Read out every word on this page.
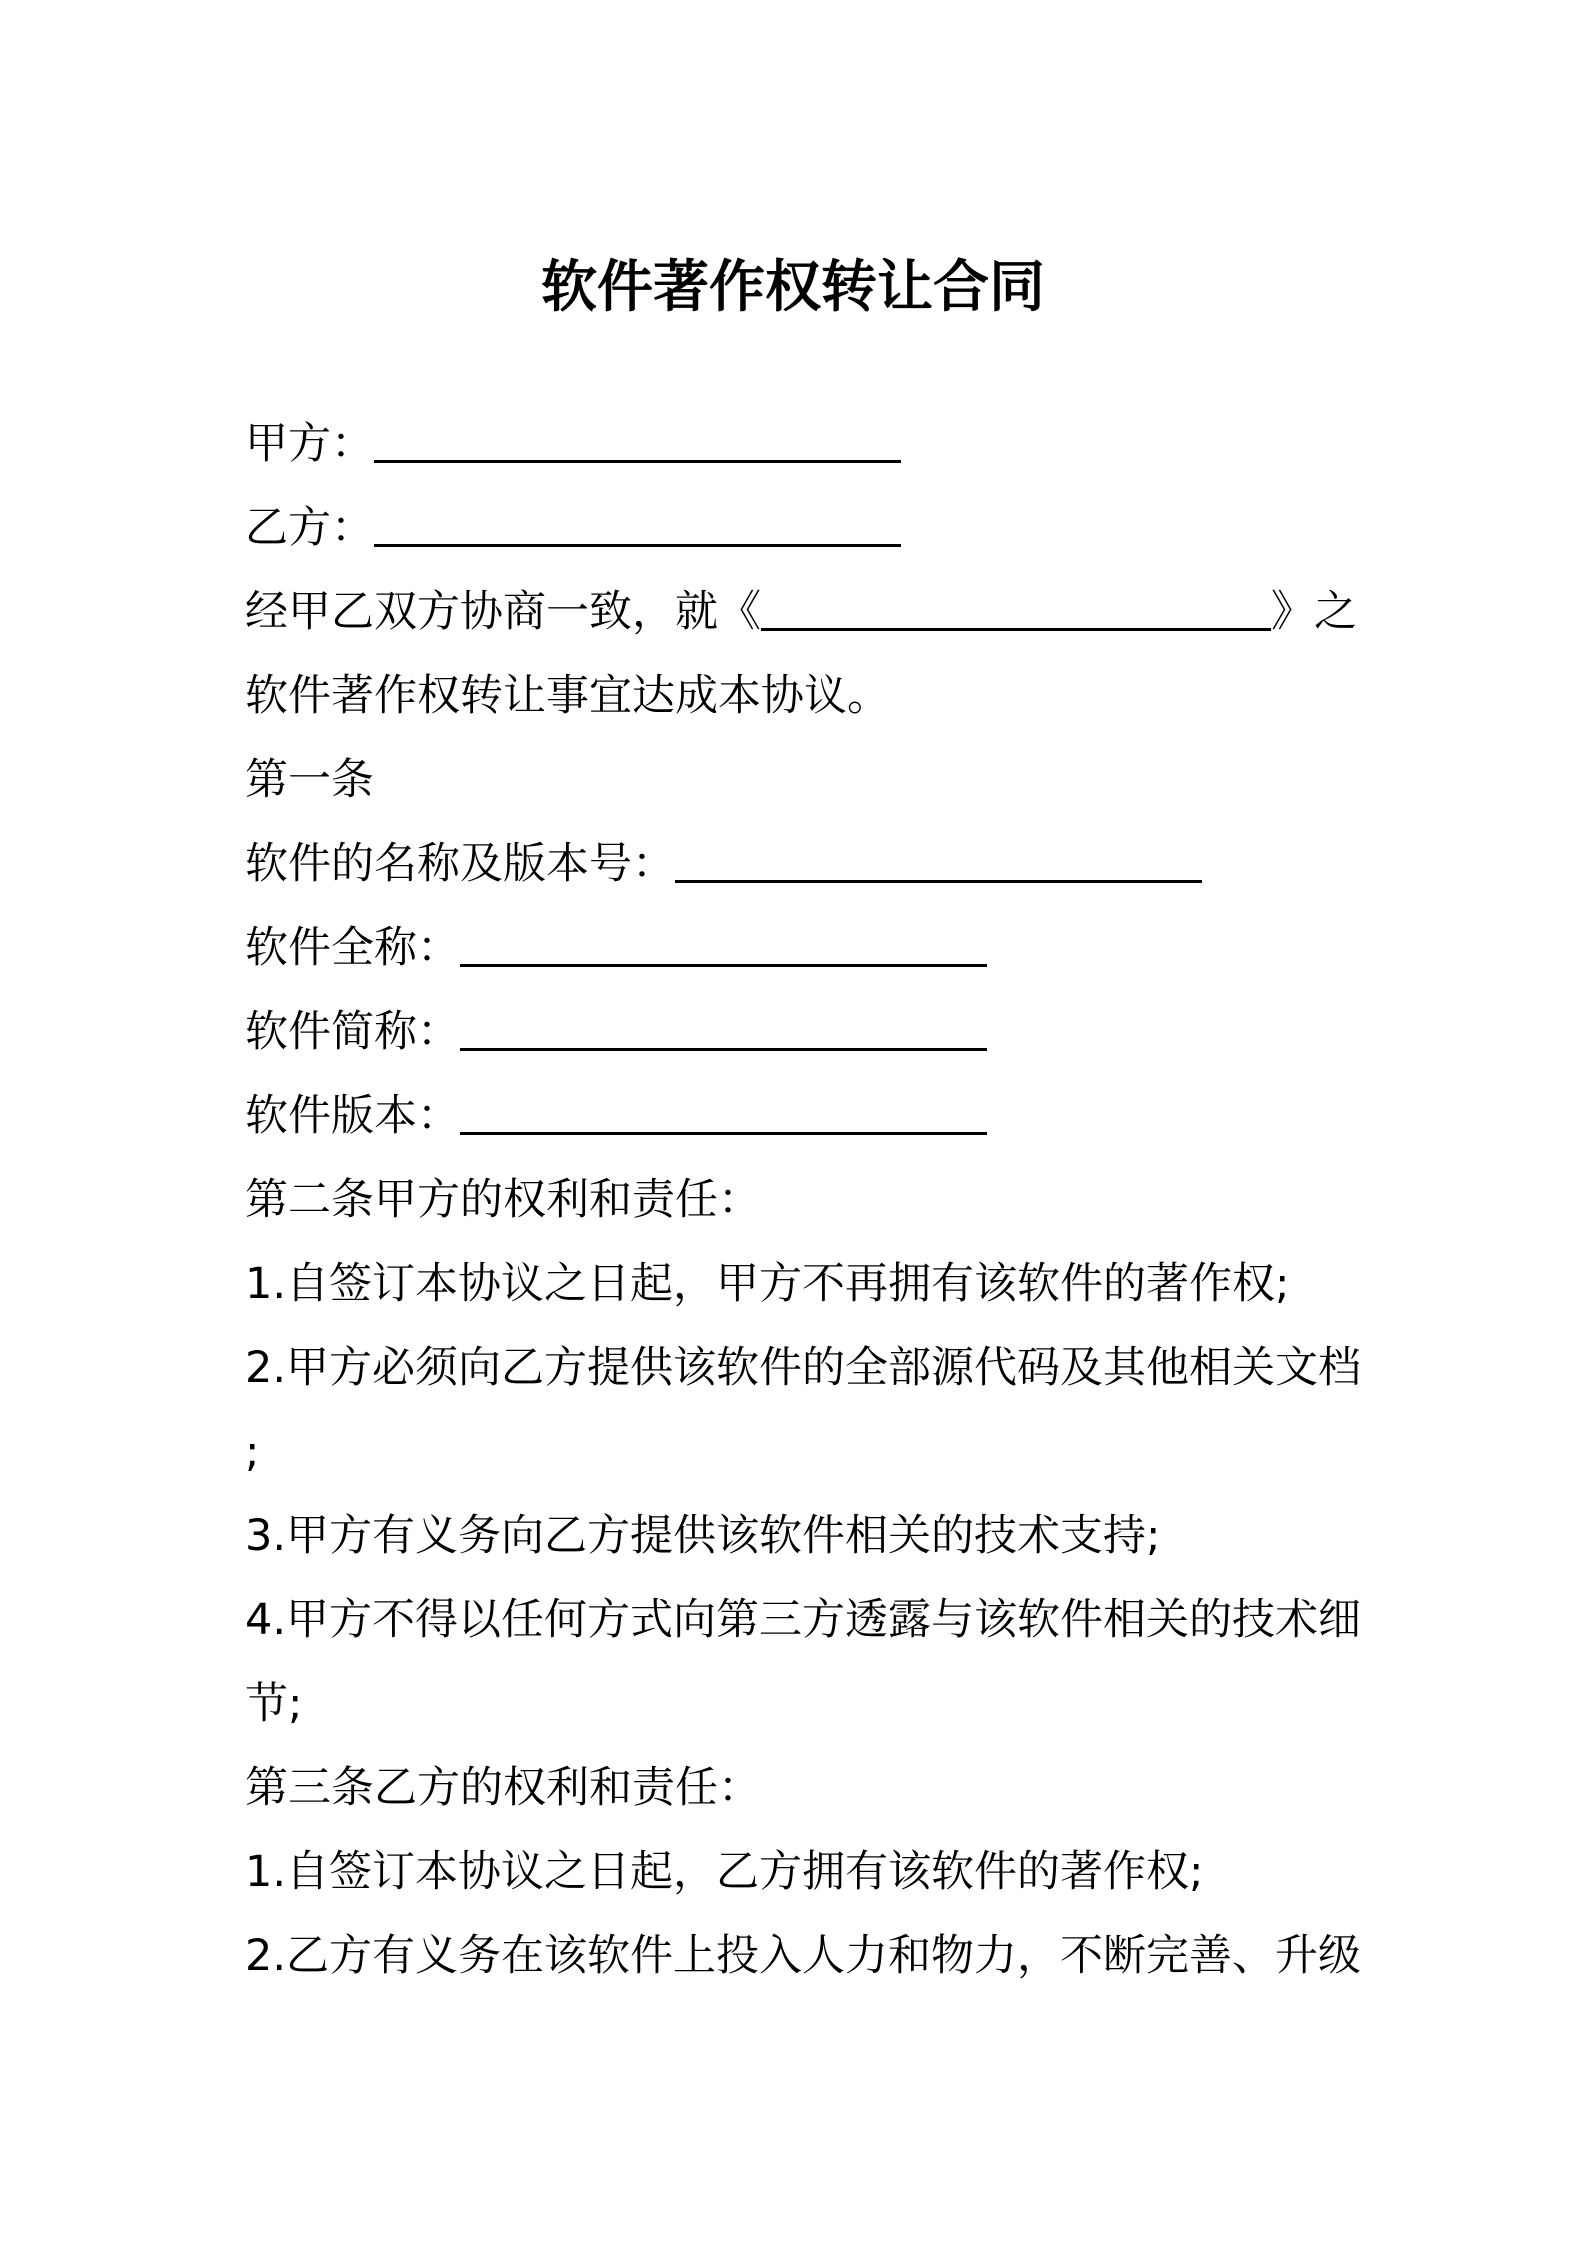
软件著作权转让合同
甲方：
乙方：
经甲乙双方协商一致，就《	》之
软件著作权转让事宜达成本协议。
第一条
软件的名称及版本号：
软件全称：
软件简称：
软件版本：
第二条甲方的权利和责任：
1.自签订本协议之日起，甲方不再拥有该软件的著作权;
2.甲方必须向乙方提供该软件的全部源代码及其他相关文档
;
3.甲方有义务向乙方提供该软件相关的技术支持;
4.甲方不得以任何方式向第三方透露与该软件相关的技术细
节;
第三条乙方的权利和责任：
1.自签订本协议之日起，乙方拥有该软件的著作权;
2.乙方有义务在该软件上投入人力和物力，不断完善、升级
